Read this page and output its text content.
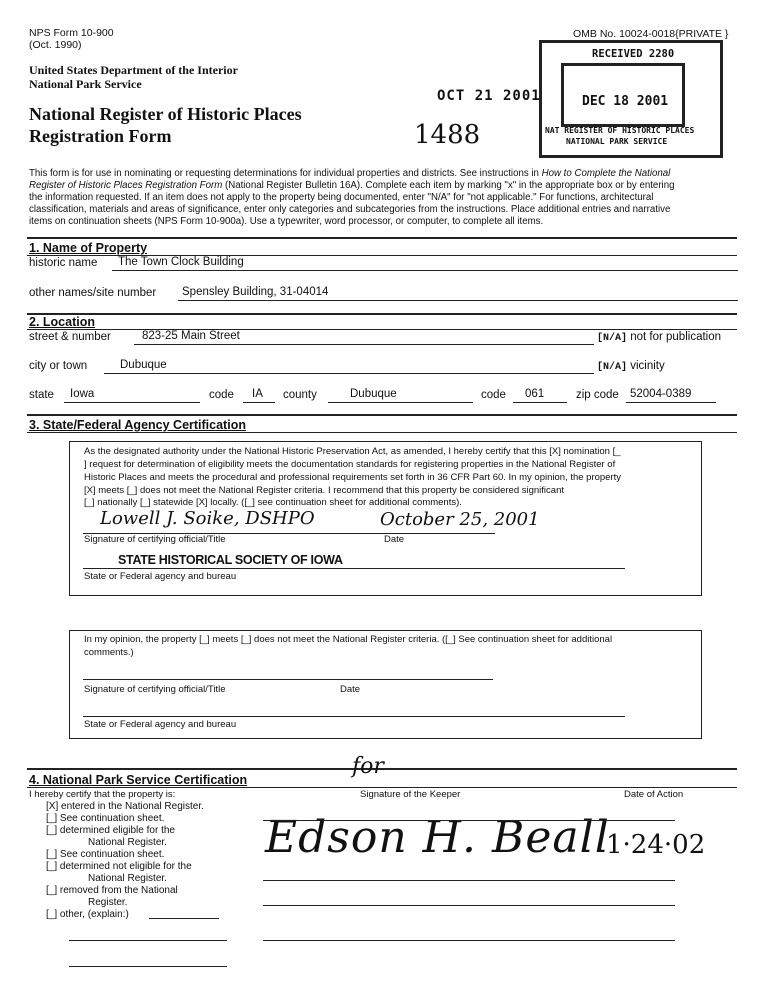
NPS Form 10-900
(Oct. 1990)
OMB No. 10024-0018{PRIVATE }
United States Department of the Interior
National Park Service
National Register of Historic Places
Registration Form
OCT 21 2001
1488
RECEIVED 2280
DEC 18 2001
NAT REGISTER OF HISTORIC PLACES
NATIONAL PARK SERVICE
This form is for use in nominating or requesting determinations for individual properties and districts. See instructions in How to Complete the National
Register of Historic Places Registration Form (National Register Bulletin 16A). Complete each item by marking "x" in the appropriate box or by entering
the information requested. If an item does not apply to the property being documented, enter "N/A" for "not applicable." For functions, architectural
classification, materials and areas of significance, enter only categories and subcategories from the instructions. Place additional entries and narrative
items on continuation sheets (NPS Form 10-900a). Use a typewriter, word processor, or computer, to complete all items.
1. Name of Property
historic name	The Town Clock Building
other names/site number	Spensley Building, 31-04014
2. Location
street & number	823-25 Main Street	[N/A] not for publication
city or town	Dubuque	[N/A] vicinity
state	Iowa	code	IA	county	Dubuque	code	061	zip code 52004-0389
3. State/Federal Agency Certification
As the designated authority under the National Historic Preservation Act, as amended, I hereby certify that this [X] nomination [_
] request for determination of eligibility meets the documentation standards for registering properties in the National Register of
Historic Places and meets the procedural and professional requirements set forth in 36 CFR Part 60. In my opinion, the property
[X] meets [_] does not meet the National Register criteria. I recommend that this property be considered significant
[_] nationally [_] statewide [X] locally. ([_] see continuation sheet for additional comments).
Lowell J. Soike, DSHPO	October 25, 2001
Signature of certifying official/Title	Date
STATE HISTORICAL SOCIETY OF IOWA
State or Federal agency and bureau
In my opinion, the property [_] meets [_] does not meet the National Register criteria. ([_] See continuation sheet for additional
comments.)
Signature of certifying official/Title	Date
State or Federal agency and bureau
4. National Park Service Certification
for
I hereby certify that the property is:
[X] entered in the National Register.
[_] See continuation sheet.
[_] determined eligible for the
National Register.
[_] See continuation sheet.
[_] determined not eligible for the
National Register.
[_] removed from the National
Register.
[_] other, (explain:)
Signature of the Keeper	Date of Action
Edson H. Beall
1·24·02
